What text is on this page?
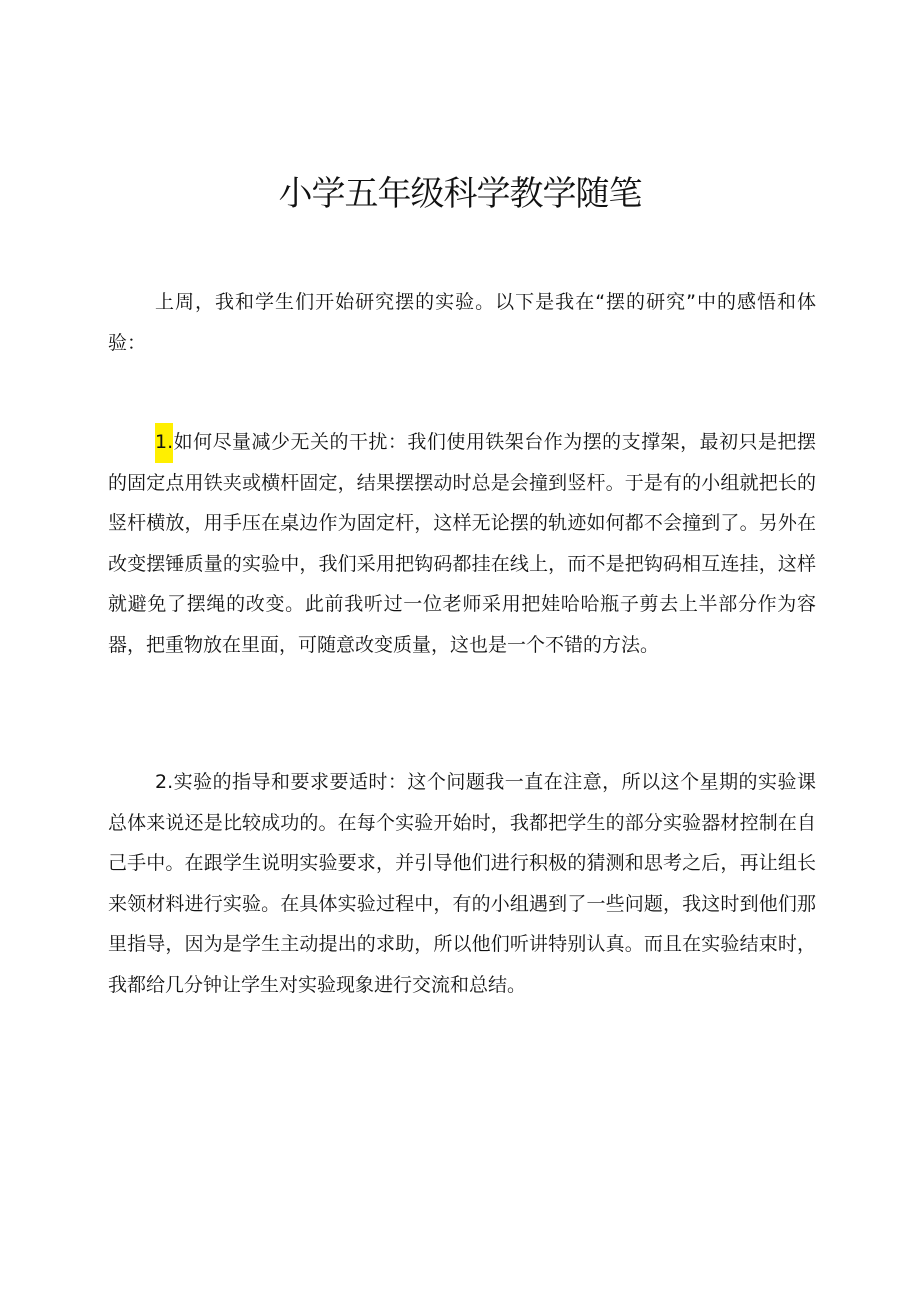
小学五年级科学教学随笔

上周，我和学生们开始研究摆的实验。以下是我在“摆的研究”中的感悟和体验：

1.如何尽量减少无关的干扰：我们使用铁架台作为摆的支撑架，最初只是把摆的固定点用铁夹或横杆固定，结果摆摆动时总是会撞到竖杆。于是有的小组就把长的竖杆横放，用手压在桌边作为固定杆，这样无论摆的轨迹如何都不会撞到了。另外在改变摆锤质量的实验中，我们采用把钩码都挂在线上，而不是把钩码相互连挂，这样就避免了摆绳的改变。此前我听过一位老师采用把娃哈哈瓶子剪去上半部分作为容器，把重物放在里面，可随意改变质量，这也是一个不错的方法。

2.实验的指导和要求要适时：这个问题我一直在注意，所以这个星期的实验课总体来说还是比较成功的。在每个实验开始时，我都把学生的部分实验器材控制在自己手中。在跟学生说明实验要求，并引导他们进行积极的猜测和思考之后，再让组长来领材料进行实验。在具体实验过程中，有的小组遇到了一些问题，我这时到他们那里指导，因为是学生主动提出的求助，所以他们听讲特别认真。而且在实验结束时，我都给几分钟让学生对实验现象进行交流和总结。
